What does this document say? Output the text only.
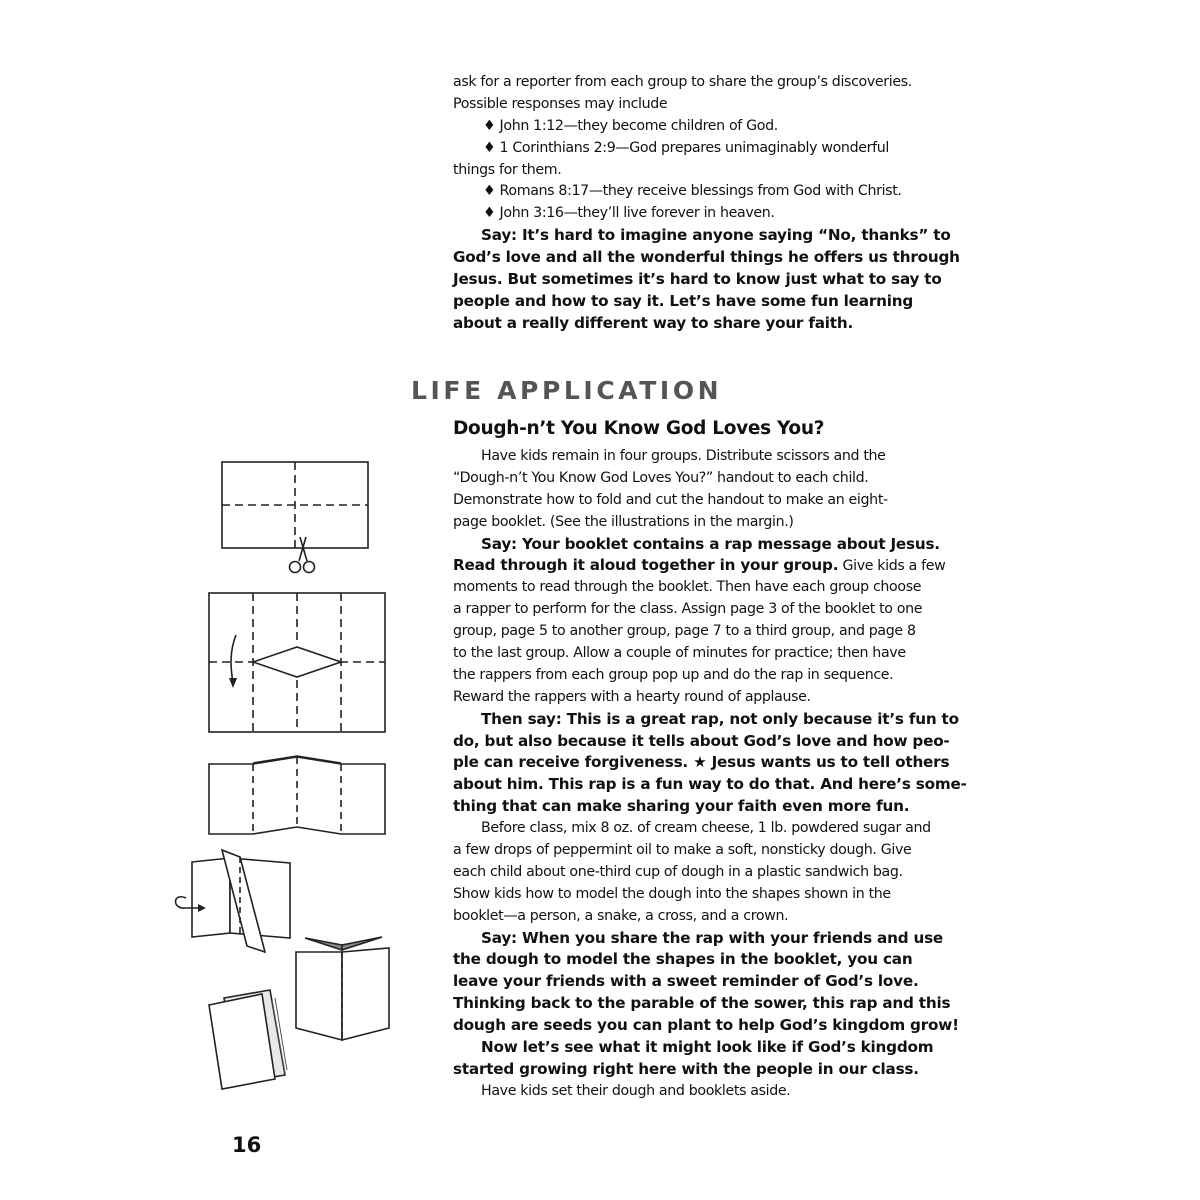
ask for a reporter from each group to share the group’s discoveries.
Possible responses may include
♦ John 1:12—they become children of God.
♦ 1 Corinthians 2:9—God prepares unimaginably wonderful
things for them.
♦ Romans 8:17—they receive blessings from God with Christ.
♦ John 3:16—they’ll live forever in heaven.
Say: It’s hard to imagine anyone saying “No, thanks” to
God’s love and all the wonderful things he offers us through
Jesus. But sometimes it’s hard to know just what to say to
people and how to say it. Let’s have some fun learning
about a really different way to share your faith.
LIFE APPLICATION
Dough-n’t You Know God Loves You?
Have kids remain in four groups. Distribute scissors and the
“Dough-n’t You Know God Loves You?” handout to each child.
Demonstrate how to fold and cut the handout to make an eight-
page booklet. (See the illustrations in the margin.)
Say: Your booklet contains a rap message about Jesus.
Read through it aloud together in your group. Give kids a few
moments to read through the booklet. Then have each group choose
a rapper to perform for the class. Assign page 3 of the booklet to one
group, page 5 to another group, page 7 to a third group, and page 8
to the last group. Allow a couple of minutes for practice; then have
the rappers from each group pop up and do the rap in sequence.
Reward the rappers with a hearty round of applause.
Then say: This is a great rap, not only because it’s fun to
do, but also because it tells about God’s love and how peo-
ple can receive forgiveness. ★ Jesus wants us to tell others
about him. This rap is a fun way to do that. And here’s some-
thing that can make sharing your faith even more fun.
Before class, mix 8 oz. of cream cheese, 1 lb. powdered sugar and
a few drops of peppermint oil to make a soft, nonsticky dough. Give
each child about one-third cup of dough in a plastic sandwich bag.
Show kids how to model the dough into the shapes shown in the
booklet—a person, a snake, a cross, and a crown.
Say: When you share the rap with your friends and use
the dough to model the shapes in the booklet, you can
leave your friends with a sweet reminder of God’s love.
Thinking back to the parable of the sower, this rap and this
dough are seeds you can plant to help God’s kingdom grow!
Now let’s see what it might look like if God’s kingdom
started growing right here with the people in our class.
Have kids set their dough and booklets aside.
16
